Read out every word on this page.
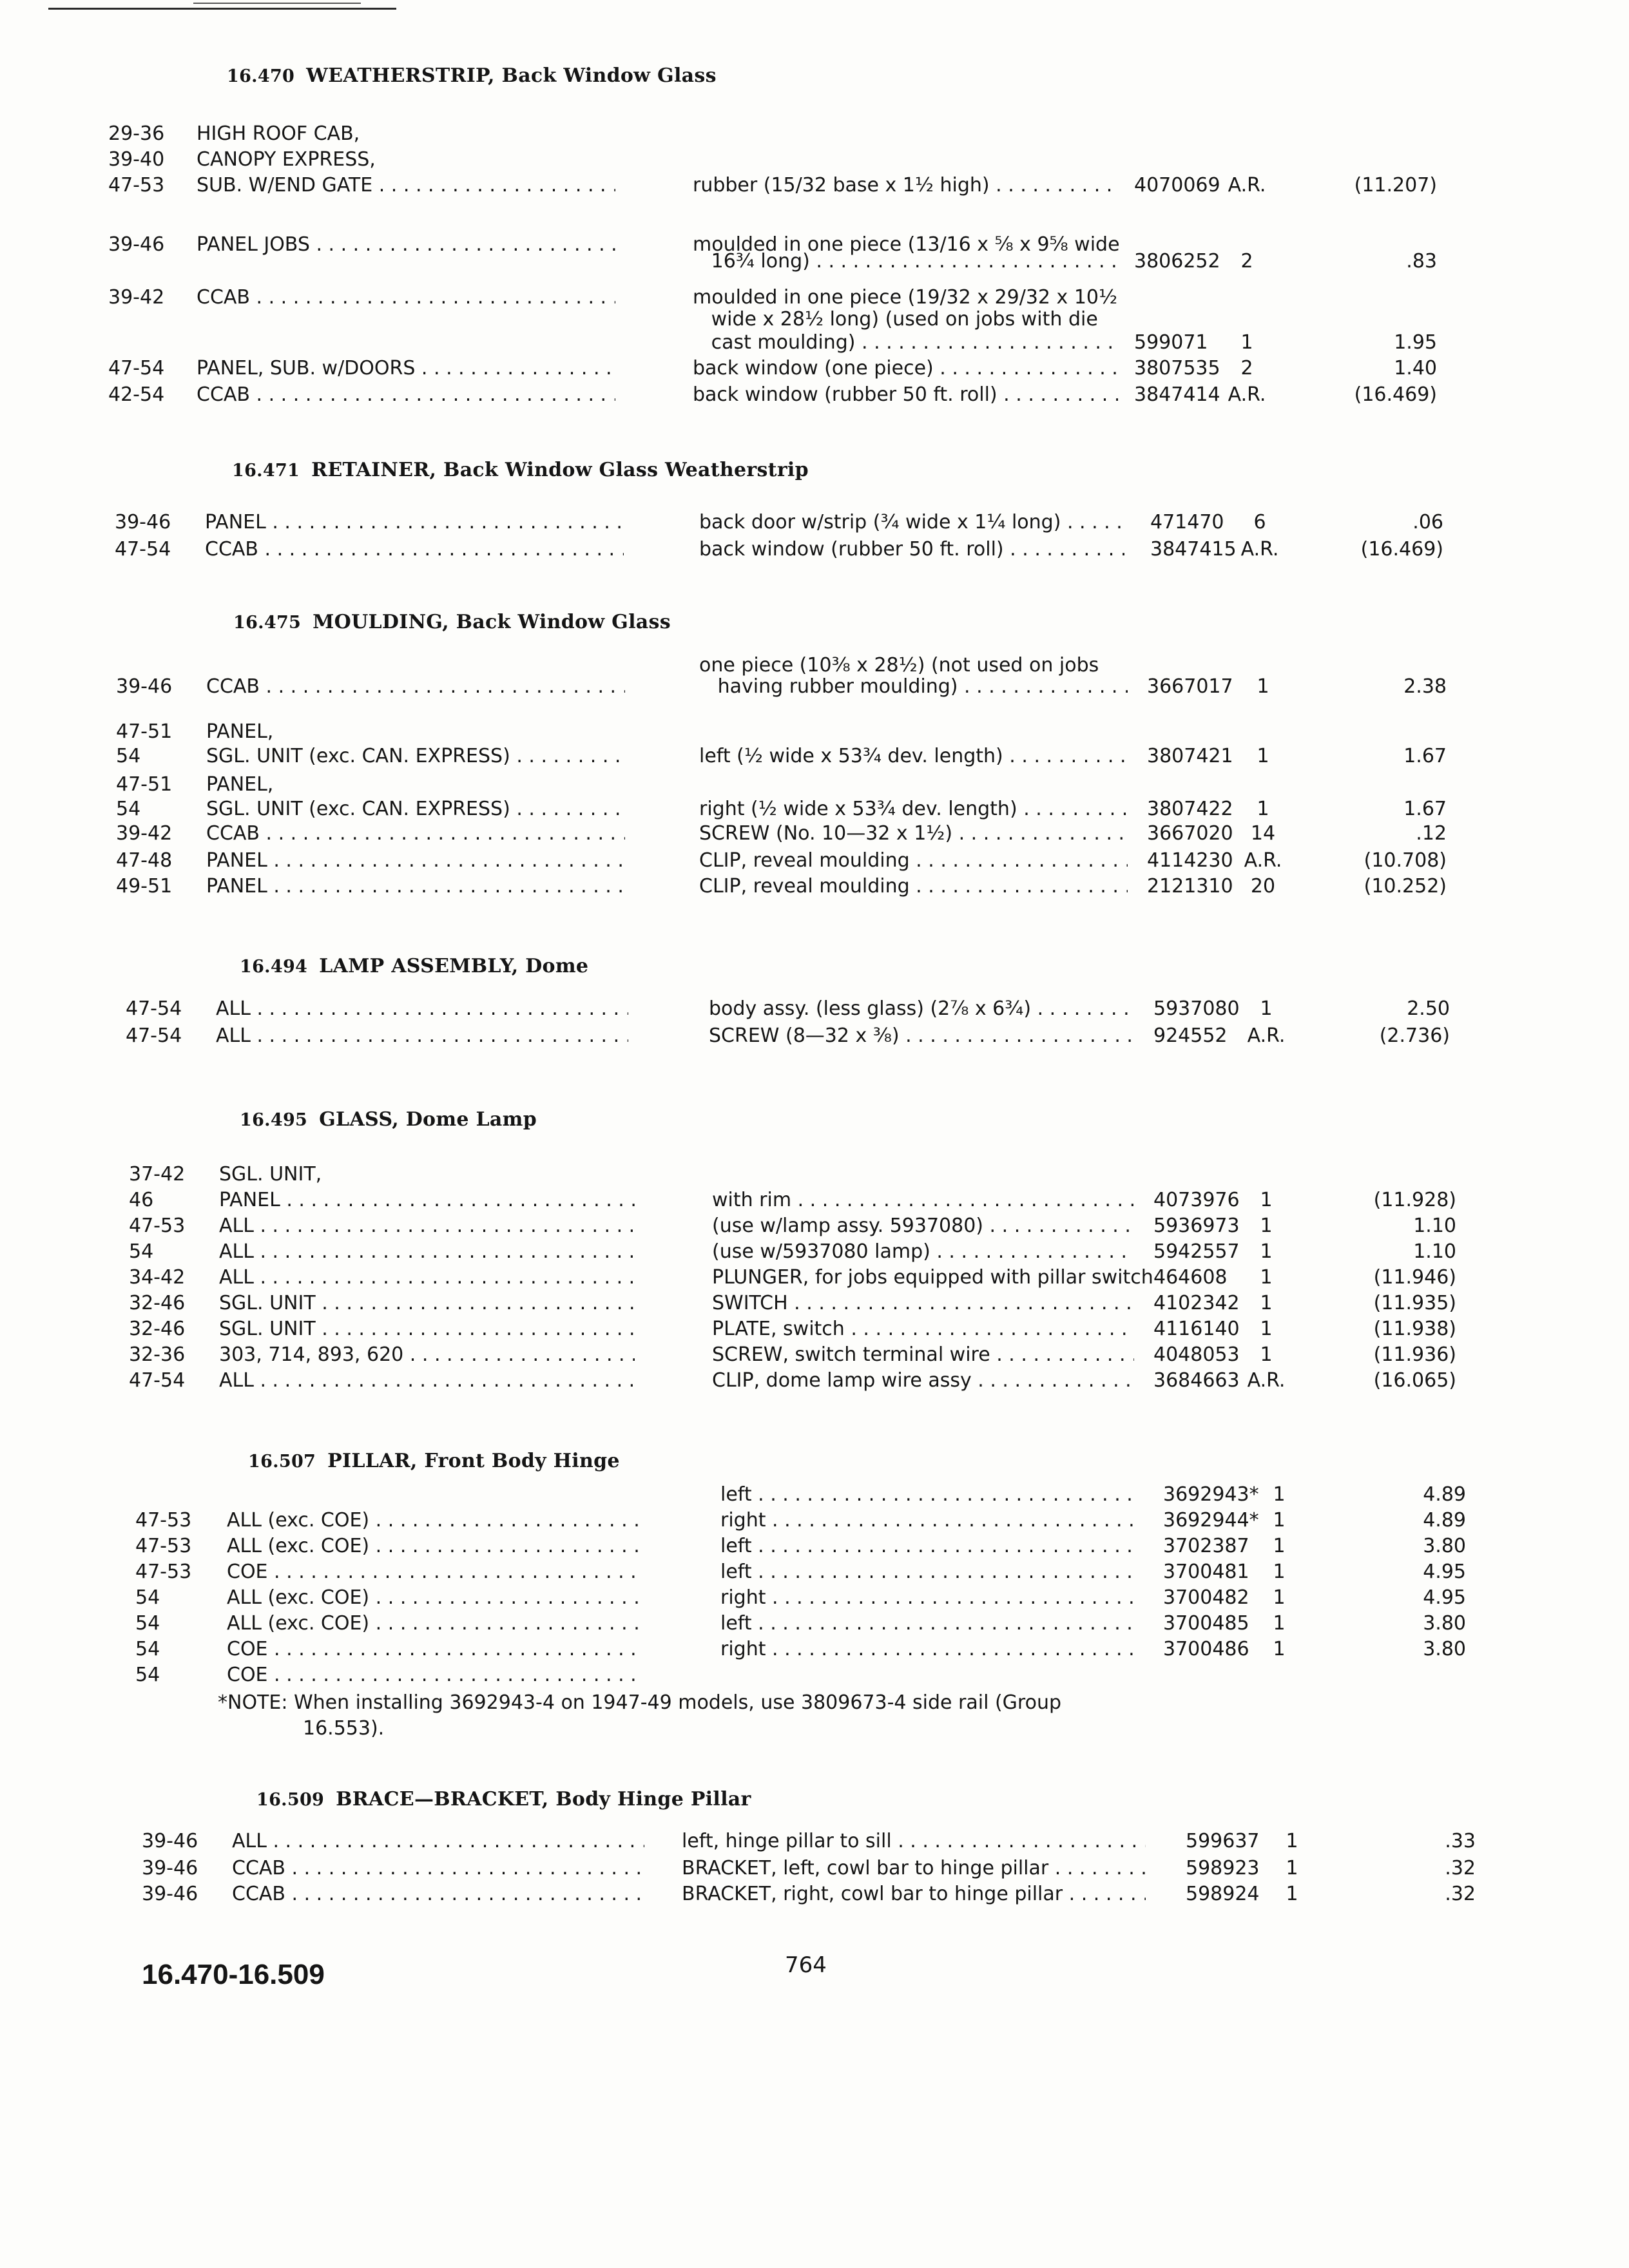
16.470 WEATHERSTRIP, Back Window Glass
29-36 HIGH ROOF CAB,
39-40 CANOPY EXPRESS,
47-53 SUB. W/END GATE . . .	rubber (15/32 base x 1½ high) . . .	4070069 A.R.	(11.207)
39-46 PANEL JOBS . . .	moulded in one piece (13/16 x ⅝ x 9⅝ wide
16¾ long) . . .	3806252	2	.83
39-42 CCAB . . .	moulded in one piece (19/32 x 29/32 x 10½
wide x 28½ long) (used on jobs with die
cast moulding) . . .	599071	1	1.95
47-54 PANEL, SUB. w/DOORS . . .	back window (one piece) . . .	3807535	2	1.40
42-54 CCAB . . .	back window (rubber 50 ft. roll) . . .	3847414 A.R.	(16.469)
16.471 RETAINER, Back Window Glass Weatherstrip
39-46 PANEL . . .	back door w/strip (¾ wide x 1¼ long) . . .	471470	6	.06
47-54 CCAB . . .	back window (rubber 50 ft. roll) . . .	3847415 A.R.	(16.469)
16.475 MOULDING, Back Window Glass
one piece (10⅜ x 28½) (not used on jobs
39-46 CCAB . . .	having rubber moulding) . . .	3667017	1	2.38
47-51 PANEL,
54	SGL. UNIT (exc. CAN. EXPRESS) . . .	left (½ wide x 53¾ dev. length) . . .	3807421	1	1.67
47-51 PANEL,
54	SGL. UNIT (exc. CAN. EXPRESS) . . .	right (½ wide x 53¾ dev. length) . . .	3807422	1	1.67
39-42 CCAB . . .	SCREW (No. 10—32 x 1½) . . .	3667020 14	.12
47-48 PANEL . . .	CLIP, reveal moulding . . .	4114230 A.R.	(10.708)
49-51 PANEL . . .	CLIP, reveal moulding . . .	2121310 20	(10.252)
16.494 LAMP ASSEMBLY, Dome
47-54 ALL . . .	body assy. (less glass) (2⅞ x 6¾) . . .	5937080	1	2.50
47-54 ALL . . .	SCREW (8—32 x ⅜) . . .	924552	A.R.	(2.736)
16.495 GLASS, Dome Lamp
37-42 SGL. UNIT,
46	PANEL . . .	with rim . . .	4073976	1	(11.928)
47-53 ALL . . .	(use w/lamp assy. 5937080) . . .	5936973	1	1.10
54	ALL . . .	(use w/5937080 lamp) . . .	5942557	1	1.10
34-42 ALL . . .	PLUNGER, for jobs equipped with pillar switch 464608	1	(11.946)
32-46 SGL. UNIT . . .	SWITCH . . .	4102342	1	(11.935)
32-46 SGL. UNIT . . .	PLATE, switch . . .	4116140	1	(11.938)
32-36 303, 714, 893, 620 . . .	SCREW, switch terminal wire . . .	4048053	1	(11.936)
47-54 ALL . . .	CLIP, dome lamp wire assy . . .	3684663 A.R.	(16.065)
16.507 PILLAR, Front Body Hinge
left . . .	3692943* 1	4.89
47-53 ALL (exc. COE) . . .	right . . .	3692944* 1	4.89
47-53 ALL (exc. COE) . . .	left . . .	3702387	1	3.80
47-53 COE . . .	left . . .	3700481	1	4.95
54	ALL (exc. COE) . . .	right . . .	3700482	1	4.95
54	ALL (exc. COE) . . .	left . . .	3700485	1	3.80
54	COE . . .	right . . .	3700486	1	3.80
54	COE . . .
*NOTE: When installing 3692943-4 on 1947-49 models, use 3809673-4 side rail (Group
16.553).
16.509 BRACE—BRACKET, Body Hinge Pillar
39-46 ALL . . .	left, hinge pillar to sill . . .	599637	1	.33
39-46 CCAB . . .	BRACKET, left, cowl bar to hinge pillar . . .	598923	1	.32
39-46 CCAB . . .	BRACKET, right, cowl bar to hinge pillar . . .	598924	1	.32
16.470-16.509	764
